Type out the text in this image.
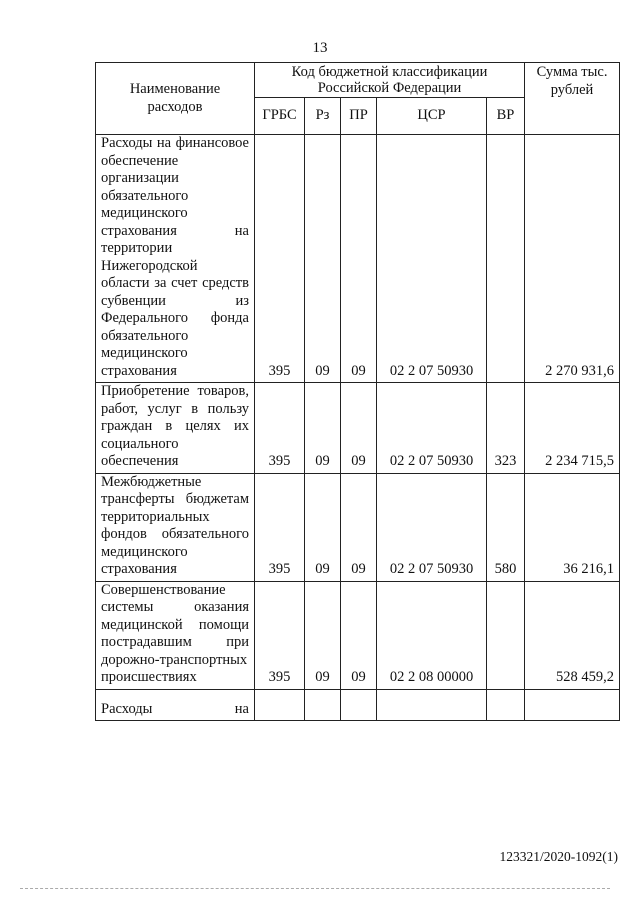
13
Наименование расходов	Код бюджетной классификации Российской Федерации					Сумма тыс. рублей
	ГРБС	Рз	ПР	ЦСР	ВР	
Расходы на финансовое обеспечение организации обязательного медицинского страхования на территории Нижегородской области за счет средств субвенции из Федерального фонда обязательного медицинского страхования	395	09	09	02 2 07 50930		2 270 931,6
Приобретение товаров, работ, услуг в пользу граждан в целях их социального обеспечения	395	09	09	02 2 07 50930	323	2 234 715,5
Межбюджетные трансферты бюджетам территориальных фондов обязательного медицинского страхования	395	09	09	02 2 07 50930	580	36 216,1
Совершенствование системы оказания медицинской помощи пострадавшим при дорожно-транспортных происшествиях	395	09	09	02 2 08 00000		528 459,2
Расходы на						
123321/2020-1092(1)
